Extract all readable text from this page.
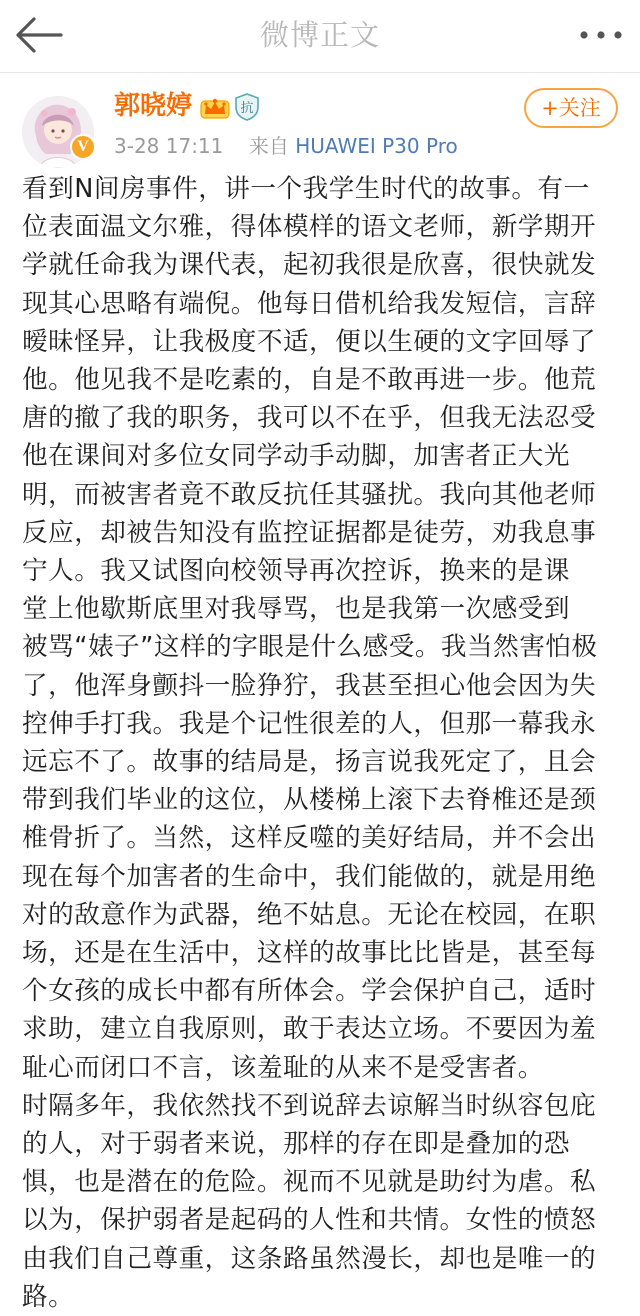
微博正文
V
郭晓婷	抗
3-28 17:11 来自 HUAWEI P30 Pro
+关注

看到N间房事件，讲一个我学生时代的故事。有一
位表面温文尔雅，得体模样的语文老师，新学期开
学就任命我为课代表，起初我很是欣喜，很快就发
现其心思略有端倪。他每日借机给我发短信，言辞
暧昧怪异，让我极度不适，便以生硬的文字回辱了
他。他见我不是吃素的，自是不敢再进一步。他荒
唐的撤了我的职务，我可以不在乎，但我无法忍受
他在课间对多位女同学动手动脚，加害者正大光
明，而被害者竟不敢反抗任其骚扰。我向其他老师
反应，却被告知没有监控证据都是徒劳，劝我息事
宁人。我又试图向校领导再次控诉，换来的是课
堂上他歇斯底里对我辱骂，也是我第一次感受到
被骂“婊子”这样的字眼是什么感受。我当然害怕极
了，他浑身颤抖一脸狰狞，我甚至担心他会因为失
控伸手打我。我是个记性很差的人，但那一幕我永
远忘不了。故事的结局是，扬言说我死定了，且会
带到我们毕业的这位，从楼梯上滚下去脊椎还是颈
椎骨折了。当然，这样反噬的美好结局，并不会出
现在每个加害者的生命中，我们能做的，就是用绝
对的敌意作为武器，绝不姑息。无论在校园，在职
场，还是在生活中，这样的故事比比皆是，甚至每
个女孩的成长中都有所体会。学会保护自己，适时
求助，建立自我原则，敢于表达立场。不要因为羞
耻心而闭口不言，该羞耻的从来不是受害者。
时隔多年，我依然找不到说辞去谅解当时纵容包庇
的人，对于弱者来说，那样的存在即是叠加的恐
惧，也是潜在的危险。视而不见就是助纣为虐。私
以为，保护弱者是起码的人性和共情。女性的愤怒
由我们自己尊重，这条路虽然漫长，却也是唯一的
路。
